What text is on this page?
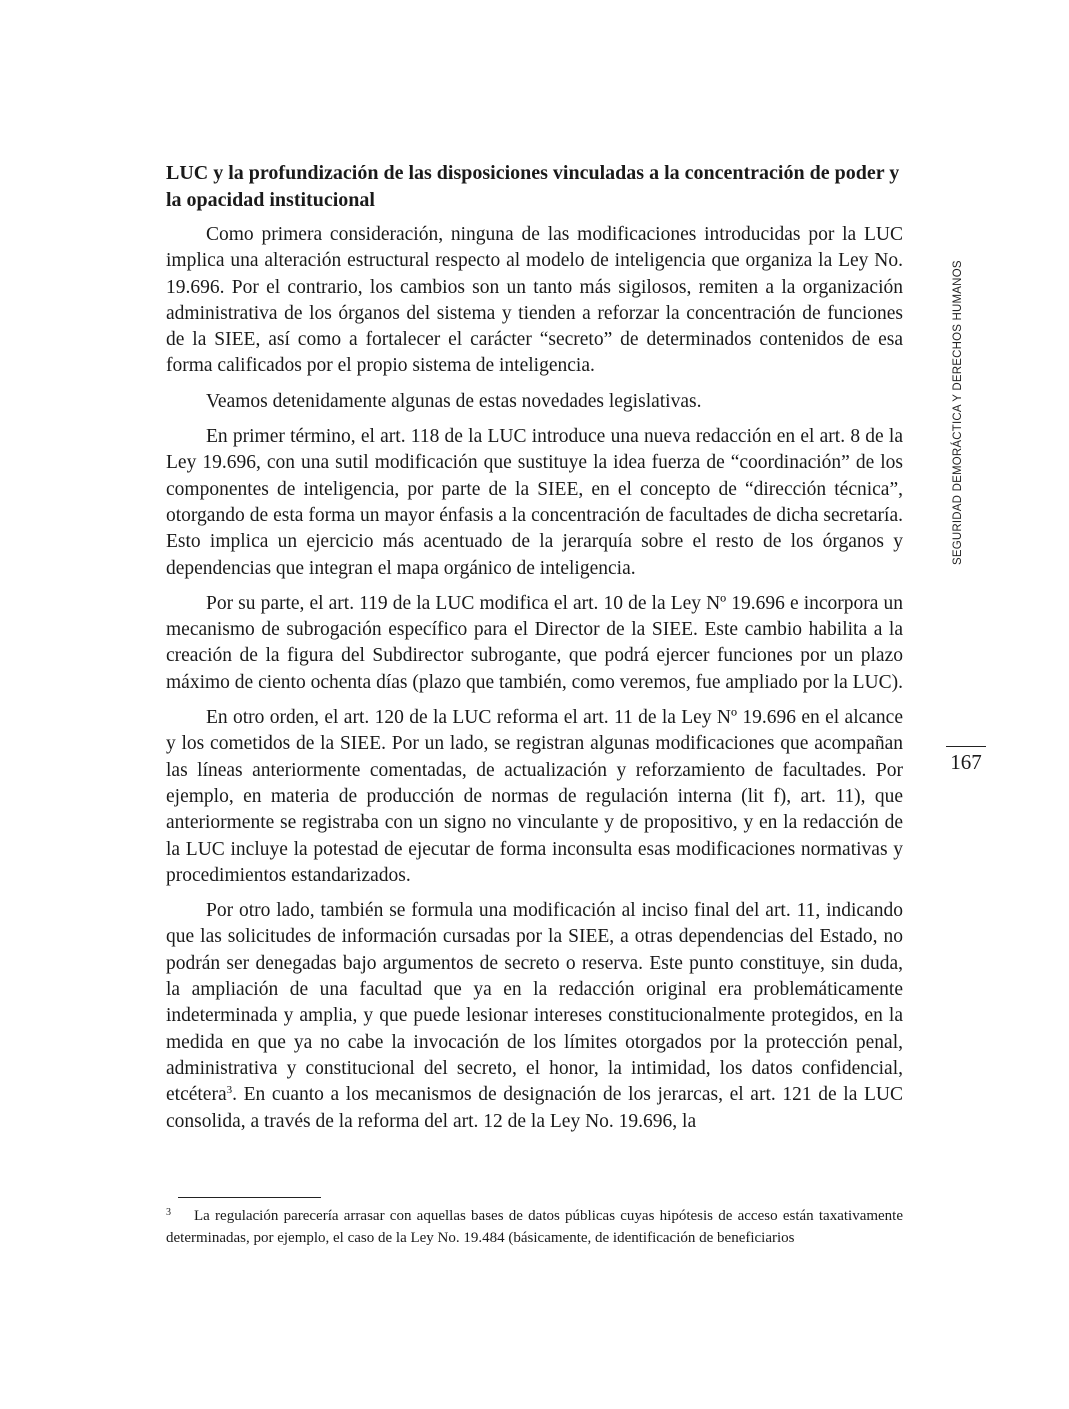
LUC y la profundización de las disposiciones vinculadas a la concentración de poder y la opacidad institucional

Como primera consideración, ninguna de las modificaciones introducidas por la LUC implica una alteración estructural respecto al modelo de inteligencia que organiza la Ley No. 19.696. Por el contrario, los cambios son un tanto más sigilosos, remiten a la organización administrativa de los órganos del sistema y tienden a reforzar la concentración de funciones de la SIEE, así como a fortalecer el carácter “secreto” de determinados contenidos de esa forma calificados por el propio sistema de inteligencia.

Veamos detenidamente algunas de estas novedades legislativas.

En primer término, el art. 118 de la LUC introduce una nueva redacción en el art. 8 de la Ley 19.696, con una sutil modificación que sustituye la idea fuerza de “coordinación” de los componentes de inteligencia, por parte de la SIEE, en el concepto de “dirección técnica”, otorgando de esta forma un mayor énfasis a la concentración de facultades de dicha secretaría. Esto implica un ejercicio más acentuado de la jerarquía sobre el resto de los órganos y dependencias que integran el mapa orgánico de inteligencia.

Por su parte, el art. 119 de la LUC modifica el art. 10 de la Ley Nº 19.696 e incorpora un mecanismo de subrogación específico para el Director de la SIEE. Este cambio habilita a la creación de la figura del Subdirector subrogante, que podrá ejercer funciones por un plazo máximo de ciento ochenta días (plazo que también, como veremos, fue ampliado por la LUC).

En otro orden, el art. 120 de la LUC reforma el art. 11 de la Ley Nº 19.696 en el alcance y los cometidos de la SIEE. Por un lado, se registran algunas modificaciones que acompañan las líneas anteriormente comentadas, de actualización y reforzamiento de facultades. Por ejemplo, en materia de producción de normas de regulación interna (lit f), art. 11), que anteriormente se registraba con un signo no vinculante y de propositivo, y en la redacción de la LUC incluye la potestad de ejecutar de forma inconsulta esas modificaciones normativas y procedimientos estandarizados.

Por otro lado, también se formula una modificación al inciso final del art. 11, indicando que las solicitudes de información cursadas por la SIEE, a otras dependencias del Estado, no podrán ser denegadas bajo argumentos de secreto o reserva. Este punto constituye, sin duda, la ampliación de una facultad que ya en la redacción original era problemáticamente indeterminada y amplia, y que puede lesionar intereses constitucionalmente protegidos, en la medida en que ya no cabe la invocación de los límites otorgados por la protección penal, administrativa y constitucional del secreto, el honor, la intimidad, los datos confidencial, etcétera$^3$. En cuanto a los mecanismos de designación de los jerarcas, el art. 121 de la LUC consolida, a través de la reforma del art. 12 de la Ley No. 19.696, la

SEGURIDAD DEMORÁCTICA Y DERECHOS HUMANOS
167
3 La regulación parecería arrasar con aquellas bases de datos públicas cuyas hipótesis de acceso están taxativamente determinadas, por ejemplo, el caso de la Ley No. 19.484 (básicamente, de identificación de beneficiarios
